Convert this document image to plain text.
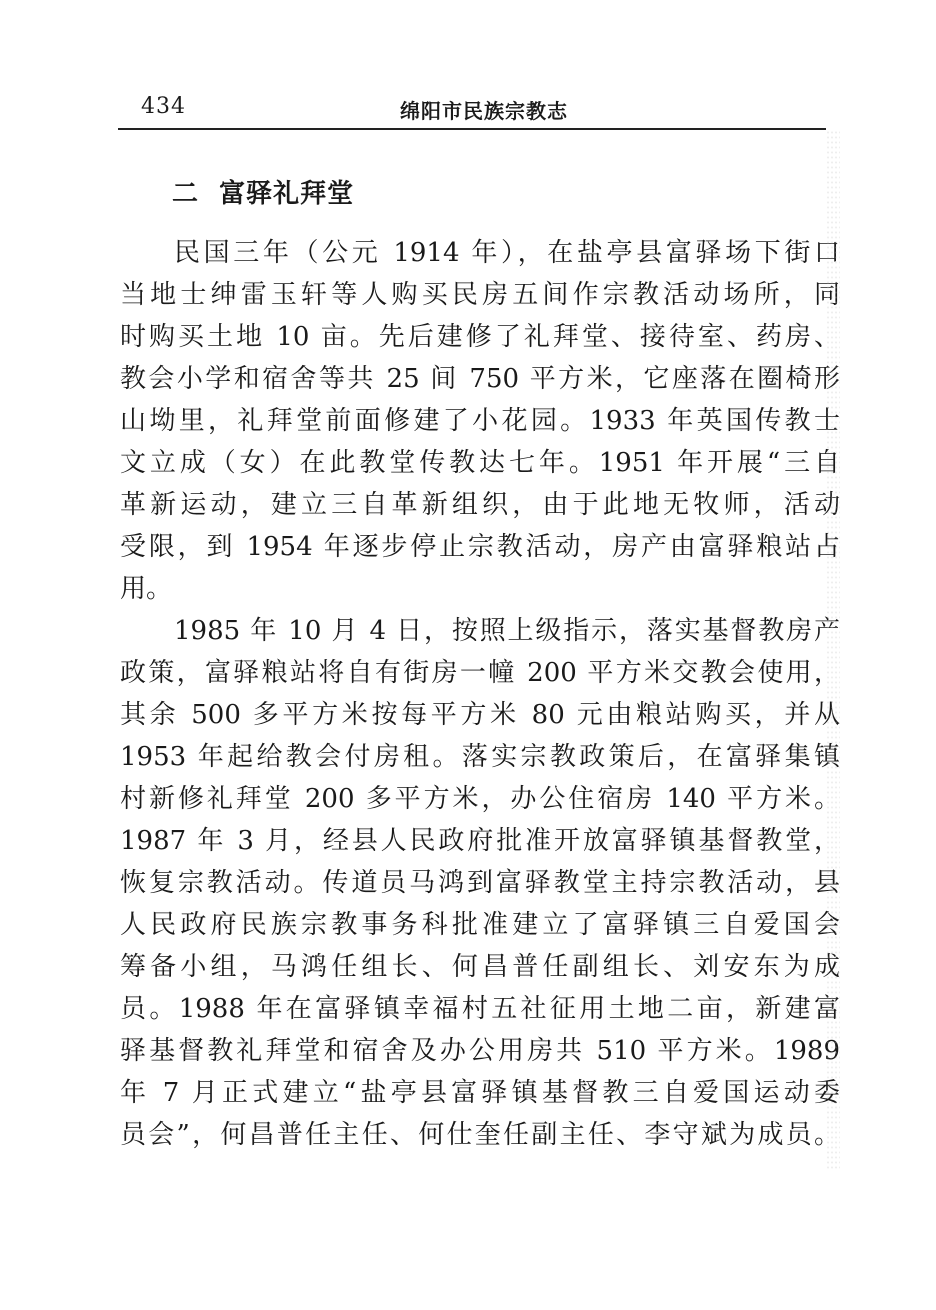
434	绵阳市民族宗教志
二  富驿礼拜堂
民国三年（公元 1914 年），在盐亭县富驿场下街口
当地士绅雷玉轩等人购买民房五间作宗教活动场所，同
时购买土地 10 亩。先后建修了礼拜堂、接待室、药房、
教会小学和宿舍等共 25 间 750 平方米，它座落在圈椅形
山坳里，礼拜堂前面修建了小花园。1933 年英国传教士
文立成（女）在此教堂传教达七年。1951 年开展“三自
革新运动，建立三自革新组织，由于此地无牧师，活动
受限，到 1954 年逐步停止宗教活动，房产由富驿粮站占
用。
1985 年 10 月 4 日，按照上级指示，落实基督教房产
政策，富驿粮站将自有街房一幢 200 平方米交教会使用，
其余 500 多平方米按每平方米 80 元由粮站购买，并从
1953 年起给教会付房租。落实宗教政策后，在富驿集镇
村新修礼拜堂 200 多平方米，办公住宿房 140 平方米。
1987 年 3 月，经县人民政府批准开放富驿镇基督教堂，
恢复宗教活动。传道员马鸿到富驿教堂主持宗教活动，县
人民政府民族宗教事务科批准建立了富驿镇三自爱国会
筹备小组，马鸿任组长、何昌普任副组长、刘安东为成
员。1988 年在富驿镇幸福村五社征用土地二亩，新建富
驿基督教礼拜堂和宿舍及办公用房共 510 平方米。1989
年 7 月正式建立“盐亭县富驿镇基督教三自爱国运动委
员会”，何昌普任主任、何仕奎任副主任、李守斌为成员。
